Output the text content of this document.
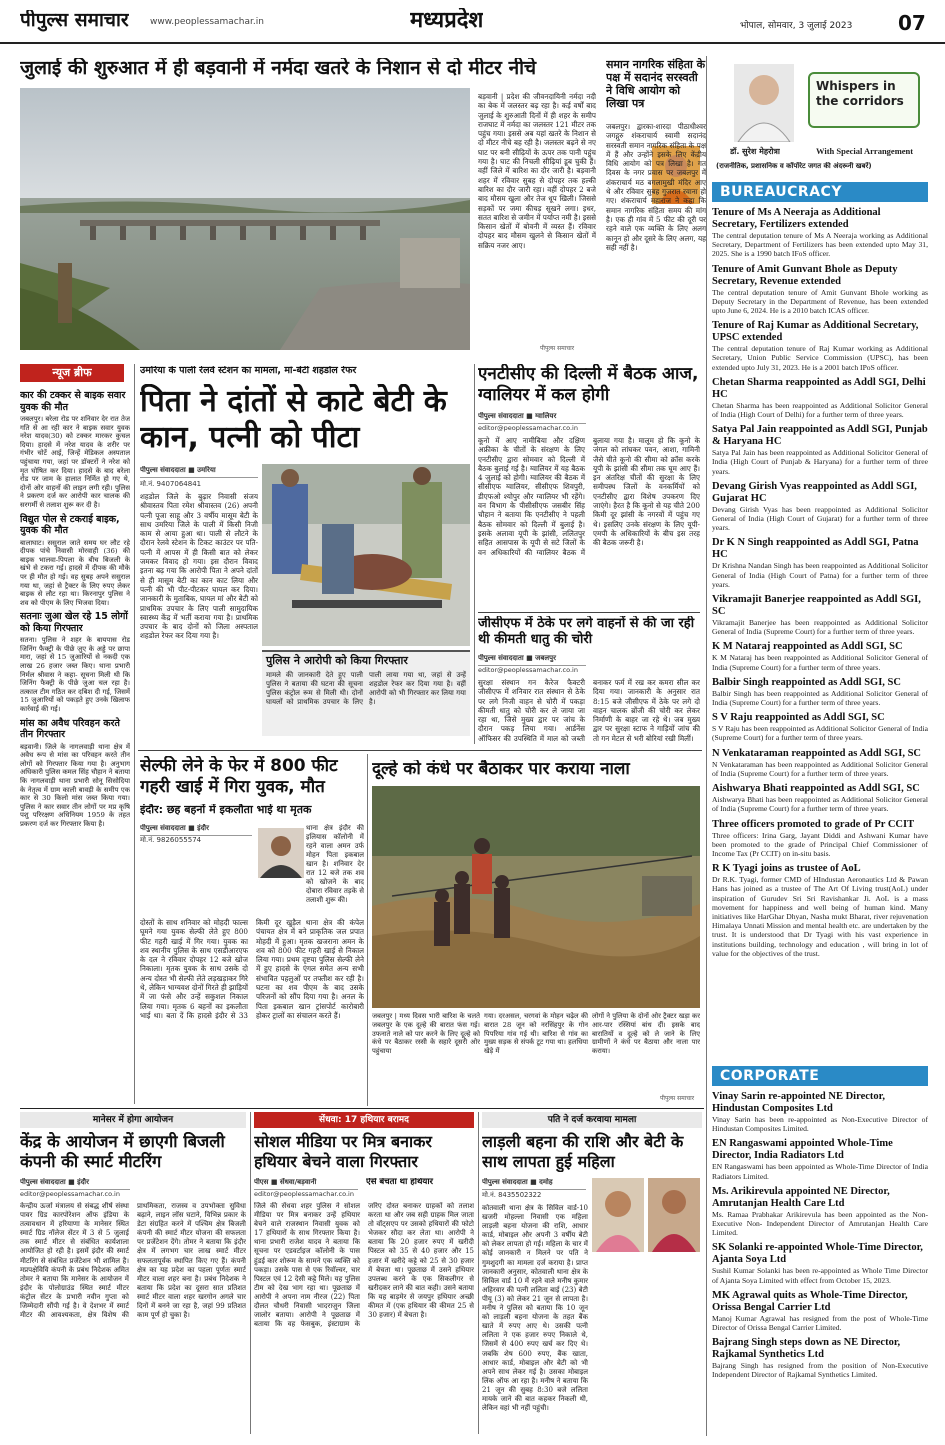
पीपुल्स समाचार www.peoplessamachar.in	मध्यप्रदेश	भोपाल, सोमवार, 3 जुलाई 2023 07
जुलाई की शुरुआत में ही बड़वानी में नर्मदा खतरे के निशान से दो मीटर नीचे
बड़वानी | प्रदेश की जीवनदायिनी नर्मदा नदी का बेक में जलस्तर बढ़ रहा है। कई वर्षों बाद जुलाई के शुरुआती दिनों में ही शहर के समीप राजघाट में नर्मदा का जलस्तर 121 मीटर तक पहुंच गया। इससे अब यहां खतरे के निशान से दो मीटर नीचे बह रही है। जलस्तर बढ़ने से नए घाट पर बनी सीढ़ियों के ऊपर तक पानी पहुंच गया है। घाट की निचली सीढ़ियां डूब चुकी हैं। वहीं जिले में बारिश का दौर जारी है। बड़वानी शहर में रविवार सुबह से दोपहर तक हल्की बारिश का दौर जारी रहा। वहीं दोपहर 2 बजे बाद मौसम खुला और तेज धूप खिली। जिससे सड़कों पर जमा कीचड़ सूखने लगा। इधर, सतत बारिश से जमीन में पर्याप्त नमी है। इससे किसान खेतों में बोवनी में व्यस्त हैं। रविवार दोपहर बाद मौसम खुलने से किसान खेतों में सक्रिय नजर आए।
पीपुल्स समाचार
समान नागरिक संहिता के पक्ष में सदानंद सरस्वती ने विधि आयोग को लिखा पत्र
जबलपुर। द्वारका-शारदा पीठाधीश्वर जगद्गुरु शंकराचार्य स्वामी सदानंद सरस्वती समान नागरिक संहिता के पक्ष में हैं और उन्होंने इसके लिए केंद्रीय विधि आयोग को पत्र लिखा है। गत दिवस के नगर प्रवास पर जबलपुर में शंकराचार्य मठ बगलामुखी मंदिर आए थे और रविवार सुबह गुजरात रवाना हो गए। शंकराचार्य महाराज ने कहा कि समान नागरिक संहिता समय की मांग है। एक ही गांव में 5 फीट की दूरी पर रहने वाले एक व्यक्ति के लिए अलग कानून हो और दूसरे के लिए अलग, यह सही नहीं है।
Whispers in the corridors
डॉ. सुरेश मेहरोत्रा	With Special Arrangement
(राजनीतिक, प्रशासनिक व कॉर्पोरेट जगत की अंदरूनी खबरें)
BUREAUCRACY
Tenure of Ms A Neeraja as Additional Secretary, Fertilizers extended
The central deputation tenure of Ms A Neeraja working as Additional Secretary, Department of Fertilizers has been extended upto May 31, 2025. She is a 1990 batch IFoS officer.
Tenure of Amit Gunvant Bhole as Deputy Secretary, Revenue extended
The central deputation tenure of Amit Gunvant Bhole working as Deputy Secretary in the Department of Revenue, has been extended upto June 6, 2024. He is a 2010 batch ICAS officer.
Tenure of Raj Kumar as Additional Secretary, UPSC extended
The central deputation tenure of Raj Kumar working as Additional Secretary, Union Public Service Commission (UPSC), has been extended upto July 31, 2023. He is a 2001 batch IPoS officer.
Chetan Sharma reappointed as Addl SGI, Delhi HC
Chetan Sharma has been reappointed as Additional Solicitor General of India (High Court of Delhi) for a further term of three years.
Satya Pal Jain reappointed as Addl SGI, Punjab & Haryana HC
Satya Pal Jain has been reappointed as Additional Solicitor General of India (High Court of Punjab & Haryana) for a further term of three years.
Devang Girish Vyas reappointed as Addl SGI, Gujarat HC
Devang Girish Vyas has been reappointed as Additional Solicitor General of India (High Court of Gujarat) for a further term of three years.
Dr K N Singh reappointed as Addl SGI, Patna HC
Dr Krishna Nandan Singh has been reappointed as Additional Solicitor General of India (High Court of Patna) for a further term of three years.
Vikramajit Banerjee reappointed as Addl SGI, SC
Vikramajit Banerjee has been reappointed as Additional Solicitor General of India (Supreme Court) for a further term of three years.
K M Nataraj reappointed as Addl SGI, SC
K M Nataraj has been reappointed as Additional Solicitor General of India (Supreme Court) for a further term of three years.
Balbir Singh reappointed as Addl SGI, SC
Balbir Singh has been reappointed as Additional Solicitor General of India (Supreme Court) for a further term of three years.
S V Raju reappointed as Addl SGI, SC
S V Raju has been reappointed as Additional Solicitor General of India (Supreme Court) for a further term of three years.
N Venkataraman reappointed as Addl SGI, SC
N Venkataraman has been reappointed as Additional Solicitor General of India (Supreme Court) for a further term of three years.
Aishwarya Bhati reappointed as Addl SGI, SC
Aishwarya Bhati has been reappointed as Additional Solicitor General of India (Supreme Court) for a further term of three years.
Three officers promoted to grade of Pr CCIT
Three officers: Irina Garg, Jayant Diddi and Ashwani Kumar have been promoted to the grade of Principal Chief Commissioner of Income Tax (Pr CCIT) on in-situ basis.
R K Tyagi joins as trustee of AoL
Dr R.K. Tyagi, former CMD of HIndustan Aeronautics Ltd & Pawan Hans has joined as a trustee of The Art Of Living trust(AoL) under inspiration of Gurudev Sri Sri Ravishankar Ji. AoL is a mass movement for happiness and well being of human kind. Many initiatives like HarGhar Dhyan, Nasha mukt Bharat, river rejuvenation Himalaya Unnati Mission and mental health etc. are undertaken by the trust. It is understood that Dr Tyagi with his vast experience in institutions building, technology and education , will bring in lot of value for the objectives of the trust.
CORPORATE
Vinay Sarin re-appointed NE Director, Hindustan Composites Ltd
Vinay Sarin has been re-appointed as Non-Executive Director of Hindustan Composites Limited.
EN Rangaswami appointed Whole-Time Director, India Radiators Ltd
EN Rangaswami has been appointed as Whole-Time Director of India Radiators Limited.
Ms. Arikirevula appointed NE Director, Amrutanjan Health Care Ltd
Ms. Ramaa Prabhakar Arikirevula has been appointed as the Non- Executive Non- Independent Director of Amrutanjan Health Care Limited.
SK Solanki re-appointed Whole-Time Director, Ajanta Soya Ltd
Sushil Kumar Solanki has been re-appointed as Whole Time Director of Ajanta Soya Limited with effect from October 15, 2023.
MK Agrawal quits as Whole-Time Director, Orissa Bengal Carrier Ltd
Manoj Kumar Agrawal has resigned from the post of Whole-Time Director of Orissa Bengal Carrier Limited.
Bajrang Singh steps down as NE Director, Rajkamal Synthetics Ltd
Bajrang Singh has resigned from the position of Non-Executive Independent Director of Rajkamal Synthetics Limited.
न्यूज ब्रीफ
कार की टक्कर से बाइक सवार युवक की मौत
जबलपुर। बरेला रोड पर शनिवार देर रात तेज गति से आ रही कार ने बाइक सवार युवक नरेश यादव(30) को टक्कर मारकर कुचल दिया। हादसे में नरेश यादव के शरीर पर गंभीर चोटें आई, जिन्हें मेडिकल अस्पताल पहुंचाया गया, जहां पर डॉक्टरों ने नरेश को मृत घोषित कर दिया। हादसे के बाद बरेला रोड पर जाम के हालात निर्मित हो गए थे, दोनों ओर वाहनों की लाइन लगी रही। पुलिस ने प्रकरण दर्ज कर आरोपी कार चालक की सरगर्मी से तलाश शुरू कर दी है।
विद्युत पोल से टकराई बाइक, युवक की मौत
बालाघाट। ससुराल जाते समय घर लौट रहे दीपक पांचे निवासी मोरवाही (36) की बाइक भालवा-पिपला के बीच बिजली के खंभे से टकरा गई। हादसे में दीपक की मौके पर ही मौत हो गई। वह सुबह अपने ससुराल गया था, जहां से ट्रैक्टर के लिए रुपए लेकर बाइक से लौट रहा था। किरनापुर पुलिस ने शव को पीएम के लिए भिजवा दिया।
सतनाः जुआ खेल रहे 15 लोगों को किया गिरफ्तार
सतना। पुलिस ने शहर के बायपास रोड जिनिंग फैक्ट्री के पीछे जुए के अड्डे पर छापा मारा, जहां से 15 जुआरियों से नकदी एक लाख 26 हजार जब्त किए। थाना प्रभारी निर्मल श्रीवास ने कहा- सूचना मिली थी कि जिनिंग फैक्ट्री के पीछे जुआ चल रहा है। तत्काल टीम गठित कर दबिश दी गई, जिसमें 15 जुआरियों को पकड़ते हुए उनके खिलाफ कार्रवाई की गई।
मांस का अवैध परिवहन करते तीन गिरफ्तार
बड़वानी। जिले के नागलवाड़ी थाना क्षेत्र में अवैध रूप से मांस का परिवहन करते तीन लोगों को गिरफ्तार किया गया है। अनुभाग अधिकारी पुलिस कमल सिंह चौहान ने बताया कि नागलवाड़ी थाना प्रभारी सोनू सिसोदिया के नेतृत्व में ग्राम काली बावड़ी के समीप एक कार से 30 किलो मांस जब्त किया गया। पुलिस ने कार सवार तीन लोगों पर मप्र कृषि पशु परिरक्षण अधिनियम 1959 के तहत प्रकरण दर्ज कर गिरफ्तार किया है।
उमरिया के पाली रेलवे स्टेशन का मामला, मां-बेटी शहडोल रेफर
पिता ने दांतों से काटे बेटी के कान, पत्नी को पीटा
पीपुल्स संवाददाता ■ उमरिया
मो.नं. 9407064841
शहडोल जिले के बुढ़ार निवासी संजय श्रीवास्तव पिता रमेश श्रीवास्तव (26) अपनी पत्नी पूजा साहू और 3 वर्षीय मासूम बेटी के साथ उमरिया जिले के पाली में किसी निजी काम से आया हुआ था। पाली से लौटने के दौरान रेलवे स्टेशन के टिकट काउंटर पर पति-पत्नी में आपस में ही किसी बात को लेकर जमकर विवाद हो गया। इस दौरान विवाद इतना बढ़ गया कि आरोपी पिता ने अपने दांतों से ही मासूम बेटी का कान काट लिया और पत्नी की भी पीट-पीटकर घायल कर दिया। जानकारी के मुताबिक, घायल मां और बेटी को प्राथमिक उपचार के लिए पाली सामुदायिक स्वास्थ्य केंद्र में भर्ती कराया गया है। प्राथमिक उपचार के बाद दोनों को जिला अस्पताल शहडोल रेफर कर दिया गया है।
पुलिस ने आरोपी को किया गिरफ्तार
मामले की जानकारी देते हुए पाली पुलिस ने बताया की घटना की सूचना पुलिस कंट्रोल रूम से मिली थी। दोनों घायलों को प्राथमिक उपचार के लिए पाली लाया गया था, जहां से उन्हें शहडोल रेफर कर दिया गया है। वहीं आरोपी को भी गिरफ्तार कर लिया गया है।
एनटीसीए की दिल्ली में बैठक आज, ग्वालियर में कल होगी
पीपुल्स संवाददाता ■ ग्वालियर
editor@peoplessamachar.co.in
कूनो में आए नामीबिया और दक्षिण अफ्रीका के चीतों के संरक्षण के लिए एनटीसीए द्वारा सोमवार को दिल्ली में बैठक बुलाई गई है। ग्वालियर में यह बैठक 4 जुलाई को होगी। ग्वालियर की बैठक में सीसीएफ ग्वालियर, सीसीएफ शिवपुरी, डीएफओ श्योपुर और ग्वालियर भी रहेंगे। वन विभाग के पीसीसीएफ जसबीर सिंह चौहान ने बताया कि एनटीसीए ने पहली बैठक सोमवार को दिल्ली में बुलाई है। इसके अलावा यूपी के झांसी, ललितपुर सहित आसपास के यूपी से सटे जिलों के वन अधिकारियों की ग्वालियर बैठक में बुलाया गया है। मालूम हो कि कूनो के जंगल को लांघकर पवन, आशा, गामिनी जैसे चीते कूनो की सीमा को क्रॉस करके यूपी के झांसी की सीमा तक घूम आए हैं। इन अंतरिक्ष चीतों की सुरक्षा के लिए समीपस्थ जिलों के वनकर्मियों को एनटीसीए द्वारा विशेष उपकरण दिए जाएंगे। हैरत है कि कूनो से यह चीते 200 किमी दूर झांसी के नगरवों में पहुंच गए थे। इसलिए उनके संरक्षण के लिए यूपी-एमपी के अधिकारियों के बीच इस तरह की बैठक जरूरी है।
जीसीएफ में ठेके पर लगे वाहनों से की जा रही थी कीमती धातु की चोरी
पीपुल्स संवाददाता ■ जबलपुर
editor@peoplessamachar.co.in
सुरक्षा संस्थान गन कैरेज फैक्टरी जीसीएफ में शनिवार रात संस्थान से ठेके पर लगे निजी वाहन से चोरी में पकड़ा कीमती धातु को चोरी कर ले जाया जा रहा था, जिसे मुख्य द्वार पर जांच के दौरान पकड़ लिया गया। आर्डनेंस ऑफिसर की उपस्थिति में माल को जब्ती बनाकर फर्म में रख कर कमरा सील कर दिया गया। जानकारी के अनुसार रात 8:15 बजे जीसीएफ में ठेके पर लगे दो वाहन चालक ब्रोंजी की चोरी कर लेकर निर्माणी के बाहर जा रहे थे। जब मुख्य द्वार पर सुरक्षा स्टाफ ने गाड़ियों जांच की तो गन मेटल से भरी बोरियां रखी मिलीं।
सेल्फी लेने के फेर में 800 फीट गहरी खाई में गिरा युवक, मौत
इंदौर: छह बहनों में इकलौता भाई था मृतक
पीपुल्स संवाददाता ■ इंदौर
मो.नं. 9826055574
थाना क्षेत्र इंदौर की इलियास कॉलोनी में रहने वाला अमन उर्फ मोहन पिता इकबाल खान है। शनिवार देर रात 12 बजे तक शव को खोजने के बाद दोबारा रविवार तड़के से तलाशी शुरू की।
दोस्तों के साथ शनिवार को मोहदी फाल्स घूमने गया युवक सेल्फी लेते हुए 800 फीट गहरी खाई में गिर गया। युवक का शव स्थानीय पुलिस के साथ एसडीआरएफ के दल ने रविवार दोपहर 12 बजे खोज निकाला। मृतक युवक के साथ उसके दो अन्य दोस्त भी सेल्फी लेते लड़खड़ाकर गिरे थे, लेकिन भाग्यवश दोनों गिरते ही झाड़ियों में जा फंसे और उन्हें सकुशल निकाल लिया गया। मृतक 6 बहनों का इकलौता भाई था। बता दें कि हादसे इंदौर से 33 किमी दूर खुड़ैल थाना क्षेत्र की कंपेल पंचायत क्षेत्र में बने प्राकृतिक जल प्रपात मोहदी में हुआ। मृतक खजराना अमन के शव को 800 फीट गहरी खाई से निकाल लिया गया। प्रथम दृष्टया पुलिस सेल्फी लेने में हुए हादसे के एंगल समेत अन्य सभी संभावित पहलुओं पर तफ्तीश कर रही है। घटना का शव पीएम के बाद उसके परिजनों को सौंप दिया गया है। अनल के पिता इकबाल खान ट्रांसपोर्ट कारोबारी होकर ट्रालों का संचालन करते हैं।
दूल्हे को कंधे पर बैठाकर पार कराया नाला
जबलपुर | मध्य दिवस भारी बारिश के चलते जबलपुर के एक दूल्हे की बारात फंस गई। उफनाते नाले को पार करने के लिए दूल्हे को कंधे पर बैठाकर रस्सी के सहारे दूसरी ओर पहुंचाया
गया। दरअसल, चरगवां के मोहन चढ़ेल की बारात 28 जून को नरसिंहपुर के गोन पिपरिया गांव गई थी। बारिश से गांव का मुख्य सड़क से संपर्क टूट गया था। हलधिया खेड़े में
लोगों ने पुलिया के दोनों ओर ट्रैक्टर खड़ा कर आर-पार रस्सियां बांध दीं। इसके बाद बारातियों व दूल्हे को ले जाने के लिए ग्रामीणों ने कंधे पर बैठाया और नाला पार कराया।
पीपुल्स समाचार
मानेसर में होगा आयोजन
केंद्र के आयोजन में छाएगी बिजली कंपनी की स्मार्ट मीटरिंग
पीपुल्स संवाददाता ■ इंदौर
editor@peoplessamachar.co.in
केन्द्रीय ऊर्जा मंत्रालय से संबद्ध शीर्ष संस्था पावर ग्रिड कारपोरेशन ऑफ इंडिया के तत्वावधान में हरियाणा के मानेसर स्थित स्मार्ट ग्रिड नॉलेज सेंटर में 3 से 5 जुलाई तक स्मार्ट मीटर से संबंधित कार्यशाला आयोजित हो रही है। इसमें इंदौर की स्मार्ट मीटरिंग से संबंधित प्रजेंटेशन भी शामिल है। मप्रपक्षेविवि कंपनी के प्रबंध निदेशक अमित तोमर ने बताया कि मानेसर के आयोजन में इंदौर के पोलोग्राउंड स्थित स्मार्ट मीटर कंट्रोल सेंटर के प्रभारी नवीन गुप्ता को जिम्मेदारी सौंपी गई है। वे देशभर में स्मार्ट मीटर की आवश्यकता, क्षेत्र विशेष की प्राथमिकता, राजस्व व उपभोक्ता सुविधा बढ़ाने, लाइन लॉस घटाने, विभिन्न प्रकार के डेटा संग्रहित करने में पश्चिम क्षेत्र बिजली कंपनी की स्मार्ट मीटर योजना की सफलता पर प्रजेंटेशन देंगे। तोमर ने बताया कि इंदौर क्षेत्र में लगभग चार लाख स्मार्ट मीटर सफलतापूर्वक स्थापित किए गए हैं। कंपनी क्षेत्र का यह प्रदेश का पहला पूर्णतः स्मार्ट मीटर वाला शहर बना है। प्रबंध निदेशक ने बताया कि प्रदेश का दूसरा सात प्रतिशत स्मार्ट मीटर वाला शहर खरगोन अगले चार दिनों में बनने जा रहा है, जहां 99 प्रतिशत काम पूर्ण हो चुका है।
सेंधवा: 17 हथियार बरामद
सोशल मीडिया पर मित्र बनाकर हथियार बेचने वाला गिरफ्तार
पीएस ■ सेंधवा/बड़वानी
editor@peoplessamachar.co.in
ऐसे बेचता था हथियार
जिले की सेंधवा शहर पुलिस ने सोशल मीडिया पर मित्र बनाकर उन्हें हथियार बेचने वाले राजस्थान निवासी युवक को 17 हथियारों के साथ गिरफ्तार किया है। थाना प्रभारी राजेश यादव ने बताया कि सूचना पर एडवर्टाइज कॉलोनी के पास हुंडई कार शोरूम के सामने एक व्यक्ति को पकड़ा। उसके पास से एक रिवॉल्वर, चार पिस्टल एवं 12 देसी कट्टे मिले। यह पुलिस टीम को देख भाग रहा था। पूछताछ में आरोपी ने अपना नाम नीरज (22) पिता दौलत चौधरी निवासी भादराजुन जिला जालोर बताया। आरोपी ने पूछताछ में बताया कि वह फेसबुक, इंस्टाग्राम के जरिए दोस्त बनाकर ग्राहकों को तलाश करता था और जब सही ग्राहक मिल जाता तो वॉट्सएप पर उसको हथियारों की फोटो भेजकर सौदा कर लेता था। आरोपी ने बताया कि 20 हजार रुपए में खरीदी पिस्टल को 35 से 40 हजार और 15 हजार में खरीदे कट्टे को 25 से 30 हजार में बेचता था। पूछताछ में उसने हथियार उपलब्ध करने के एक सिकलीगर से खरीदकर लाने की बात कही। उसने बताया कि यह बाड़मेर से जयपुर हथियार अच्छी कीमत में (एक हथियार की कीमत 25 से 30 हजार) में बेचता है।
पति ने दर्ज करवाया मामला
लाड़ली बहना की राशि और बेटी के साथ लापता हुई महिला
पीपुल्स संवाददाता ■ दमोह
मो.नं. 8435502322
कोतवाली थाना क्षेत्र के सिविल वार्ड-10 खजरी मोहल्ला निवासी एक महिला लाड़ली बहना योजना की राशि, आधार कार्ड, मोबाइल और अपनी 3 वर्षीय बेटी को लेकर लापता हो गई। महिला के चार में कोई जानकारी न मिलने पर पति ने गुमशुदगी का मामला दर्ज कराया है। प्राप्त जानकारी अनुसार, कोतवाली थाना क्षेत्र के सिविल वार्ड 10 में रहने वाले मनीष कुमार अहिरवार की पत्नी ललिता बाई (23) बेटी पीयू (3) को लेकर 21 जून से लापता है। मनीष ने पुलिस को बताया कि 10 जून को लाड़ली बहना योजना के तहत बैंक खाते में रुपए आए थे। उसकी पत्नी ललिता ने एक हजार रुपए निकाले थे, जिसमें से 400 रुपए खर्च कर दिए थे। जबकि शेष 600 रुपए, बैंक खाता, आधार कार्ड, मोबाइल और बेटी को भी अपने साथ लेकर गई है। उसका मोबाइल लिंक ऑफ आ रहा है। मनीष ने बताया कि 21 जून की सुबह 8:30 बजे ललिता मायके जाने की बात कहकर निकली थी, लेकिन वहां भी नहीं पहुंची।
